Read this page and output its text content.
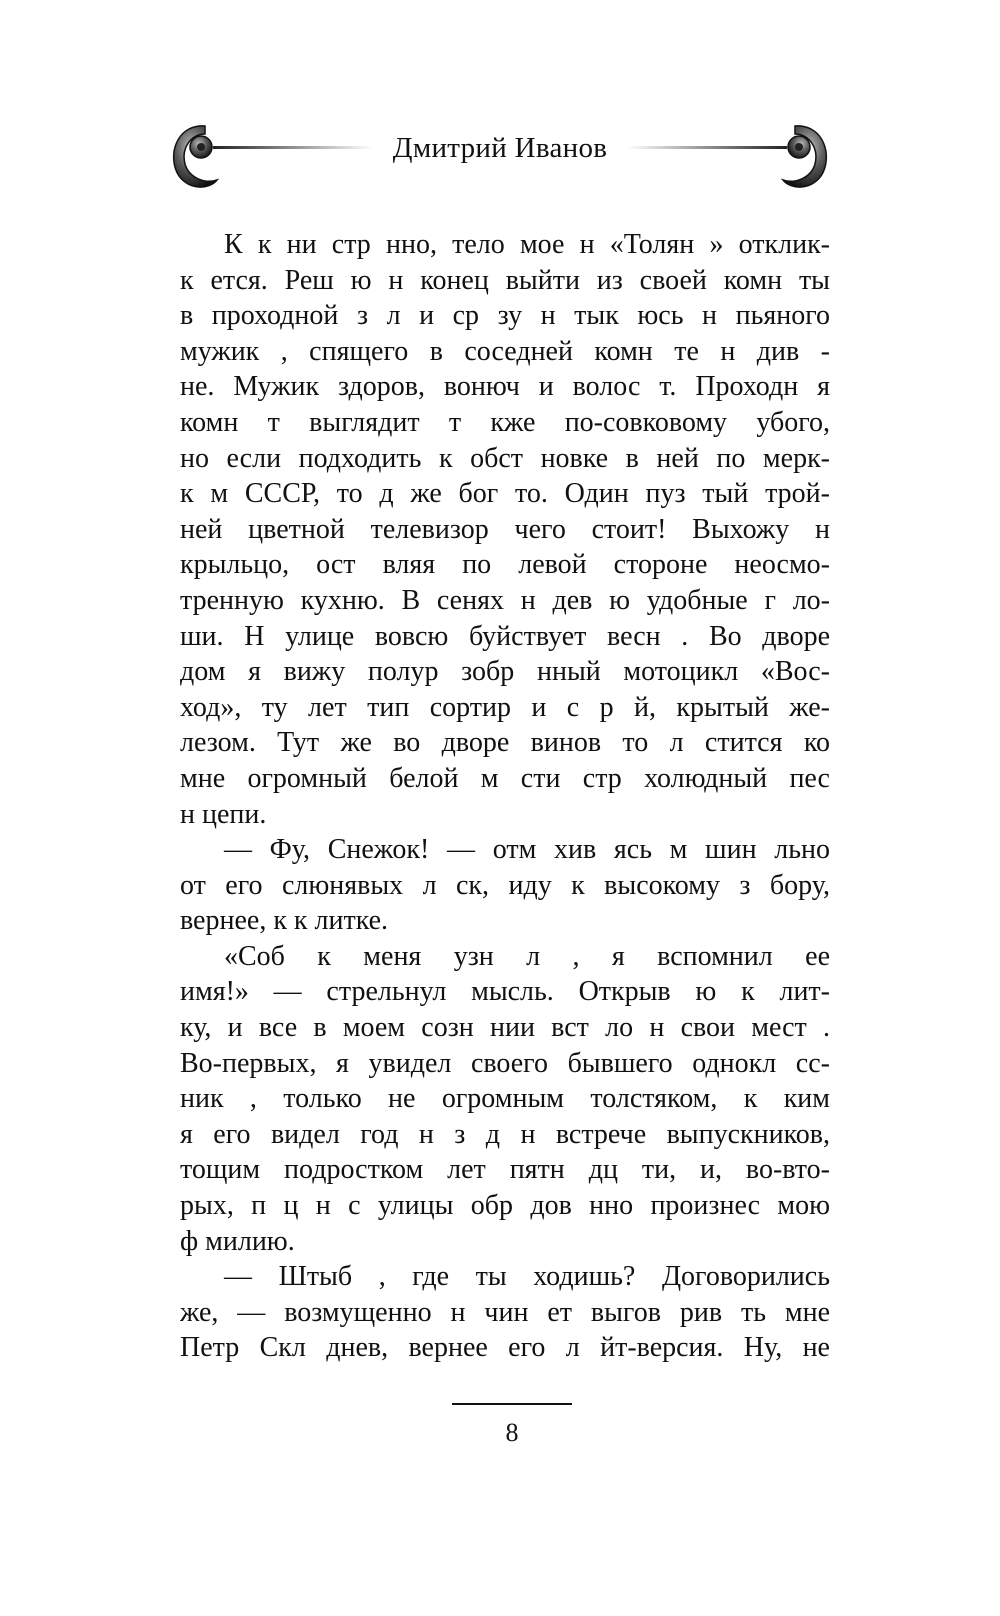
Дмитрий Иванов
К к ни стр нно, тело мое н «Толян » отклик-
к ется. Реш ю н конец выйти из своей комн ты
в проходной з л и ср зу н тык юсь н пьяного
мужик , спящего в соседней комн те н див -
не. Мужик здоров, вонюч и волос т. Проходн я
комн т выглядит т кже по-совковому убого,
но если подходить к обст новке в ней по мерк-
к м СССР, то д же бог то. Один пуз тый трой-
ней цветной телевизор чего стоит! Выхожу н
крыльцо, ост вляя по левой стороне неосмо-
тренную кухню. В сенях н дев ю удобные г ло-
ши. Н улице вовсю буйствует весн . Во дворе
дом я вижу полур зобр нный мотоцикл «Вос-
ход», ту лет тип сортир и с р й, крытый же-
лезом. Тут же во дворе винов то л стится ко
мне огромный белой м сти стр холюдный пес
н цепи.
— Фу, Снежок! — отм хив ясь м шин льно
от его слюнявых л ск, иду к высокому з бору,
вернее, к к литке.
«Соб к меня узн л , я вспомнил ее
имя!» — стрельнул мысль. Открыв ю к лит-
ку, и все в моем созн нии вст ло н свои мест .
Во-первых, я увидел своего бывшего однокл сс-
ник , только не огромным толстяком, к ким
я его видел год н з д н встрече выпускников,
тощим подростком лет пятн дц ти, и, во-вто-
рых, п ц н с улицы обр дов нно произнес мою
ф милию.
— Штыб , где ты ходишь? Договорились
же, — возмущенно н чин ет выгов рив ть мне
Петр Скл днев, вернее его л йт-версия. Ну, не
8
